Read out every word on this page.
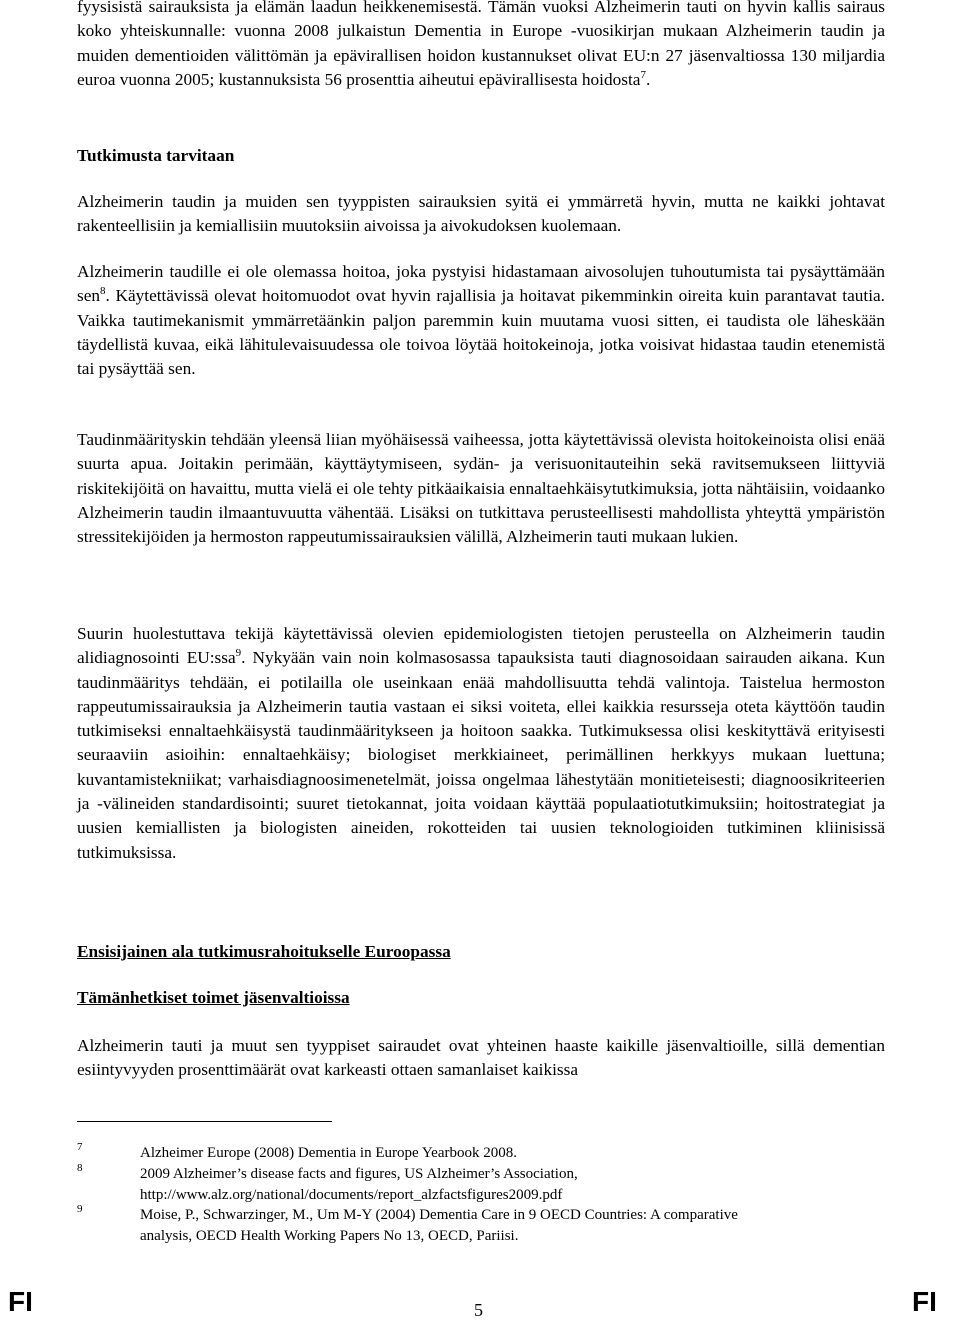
fyysisistä sairauksista ja elämän laadun heikkenemisestä. Tämän vuoksi Alzheimerin tauti on hyvin kallis sairaus koko yhteiskunnalle: vuonna 2008 julkaistun Dementia in Europe -vuosikirjan mukaan Alzheimerin taudin ja muiden dementioiden välittömän ja epävirallisen hoidon kustannukset olivat EU:n 27 jäsenvaltiossa 130 miljardia euroa vuonna 2005; kustannuksista 56 prosenttia aiheutui epävirallisesta hoidosta$^7$.

Tutkimusta tarvitaan

Alzheimerin taudin ja muiden sen tyyppisten sairauksien syitä ei ymmärretä hyvin, mutta ne kaikki johtavat rakenteellisiin ja kemiallisiin muutoksiin aivoissa ja aivokudoksen kuolemaan.

Alzheimerin taudille ei ole olemassa hoitoa, joka pystyisi hidastamaan aivosolujen tuhoutumista tai pysäyttämään sen$^8$. Käytettävissä olevat hoitomuodot ovat hyvin rajallisia ja hoitavat pikemminkin oireita kuin parantavat tautia. Vaikka tautimekanismit ymmärretäänkin paljon paremmin kuin muutama vuosi sitten, ei taudista ole läheskään täydellistä kuvaa, eikä lähitulevaisuudessa ole toivoa löytää hoitokeinoja, jotka voisivat hidastaa taudin etenemistä tai pysäyttää sen.

Taudinmäärityskin tehdään yleensä liian myöhäisessä vaiheessa, jotta käytettävissä olevista hoitokeinoista olisi enää suurta apua. Joitakin perimään, käyttäytymiseen, sydän- ja verisuonitauteihin sekä ravitsemukseen liittyviä riskitekijöitä on havaittu, mutta vielä ei ole tehty pitkäaikaisia ennaltaehkäisytutkimuksia, jotta nähtäisiin, voidaanko Alzheimerin taudin ilmaantuvuutta vähentää. Lisäksi on tutkittava perusteellisesti mahdollista yhteyttä ympäristön stressitekijöiden ja hermoston rappeutumissairauksien välillä, Alzheimerin tauti mukaan lukien.

Suurin huolestuttava tekijä käytettävissä olevien epidemiologisten tietojen perusteella on Alzheimerin taudin alidiagnosointi EU:ssa$^9$. Nykyään vain noin kolmasosassa tapauksista tauti diagnosoidaan sairauden aikana. Kun taudinmääritys tehdään, ei potilailla ole useinkaan enää mahdollisuutta tehdä valintoja. Taistelua hermoston rappeutumissairauksia ja Alzheimerin tautia vastaan ei siksi voiteta, ellei kaikkia resursseja oteta käyttöön taudin tutkimiseksi ennaltaehkäisystä taudinmääritykseen ja hoitoon saakka. Tutkimuksessa olisi keskityttävä erityisesti seuraaviin asioihin: ennaltaehkäisy; biologiset merkkiaineet, perimällinen herkkyys mukaan luettuna; kuvantamistekniikat; varhaisdiagnoosimenetelmät, joissa ongelmaa lähestytään monitieteisesti; diagnoosikriteerien ja -välineiden standardisointi; suuret tietokannat, joita voidaan käyttää populaatiotutkimuksiin; hoitostrategiat ja uusien kemiallisten ja biologisten aineiden, rokotteiden tai uusien teknologioiden tutkiminen kliinisissä tutkimuksissa.

Ensisijainen ala tutkimusrahoitukselle Euroopassa

Tämänhetkiset toimet jäsenvaltioissa

Alzheimerin tauti ja muut sen tyyppiset sairaudet ovat yhteinen haaste kaikille jäsenvaltioille, sillä dementian esiintyvyyden prosenttimäärät ovat karkeasti ottaen samanlaiset kaikissa

7	Alzheimer Europe (2008) Dementia in Europe Yearbook 2008.
8	2009 Alzheimer’s disease facts and figures, US Alzheimer’s Association,
http://www.alz.org/national/documents/report_alzfactsfigures2009.pdf
9	Moise, P., Schwarzinger, M., Um M-Y (2004) Dementia Care in 9 OECD Countries: A comparative
analysis, OECD Health Working Papers No 13, OECD, Pariisi.
FI	5	FI
